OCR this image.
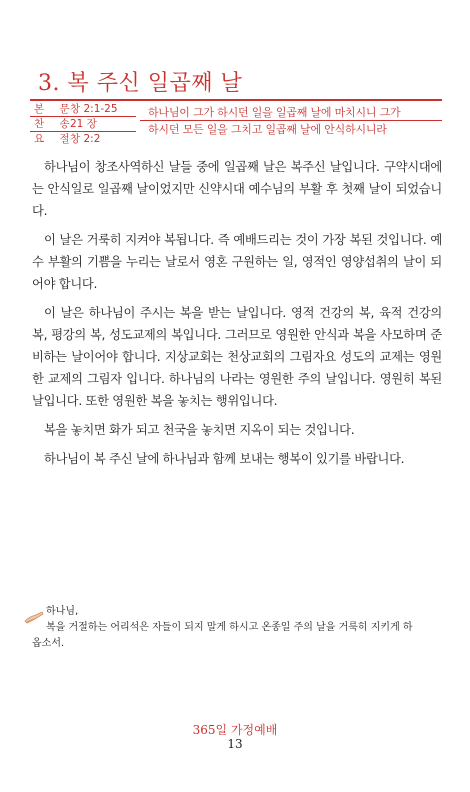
3. 복 주신 일곱째 날
본 문
창 2:1-25
찬 송
21 장
요 절
창 2:2
하나님이 그가 하시던 일을 일곱째 날에 마치시니 그가
하시던 모든 일을 그치고 일곱째 날에 안식하시니라

하나님이 창조사역하신 날들 중에 일곱째 날은 복주신 날입니다. 구약시대에는 안식일로 일곱째 날이었지만 신약시대 예수님의 부활 후 첫째 날이 되었습니다.

이 날은 거룩히 지켜야 복됩니다. 즉 예배드리는 것이 가장 복된 것입니다. 예수 부활의 기쁨을 누리는 날로서 영혼 구원하는 일, 영적인 영양섭취의 날이 되어야 합니다.

이 날은 하나님이 주시는 복을 받는 날입니다. 영적 건강의 복, 육적 건강의 복, 평강의 복, 성도교제의 복입니다. 그러므로 영원한 안식과 복을 사모하며 준비하는 날이어야 합니다. 지상교회는 천상교회의 그림자요 성도의 교제는 영원한 교제의 그림자 입니다. 하나님의 나라는 영원한 주의 날입니다. 영원히 복된 날입니다. 또한 영원한 복을 놓치는 행위입니다.

복을 놓치면 화가 되고 천국을 놓치면 지옥이 되는 것입니다.

하나님이 복 주신 날에 하나님과 함께 보내는 행복이 있기를 바랍니다.

하나님,
복을 거절하는 어리석은 자들이 되지 말게 하시고 온종일 주의 날을 거룩히 지키게 하
옵소서.
365일 가정예배
13
